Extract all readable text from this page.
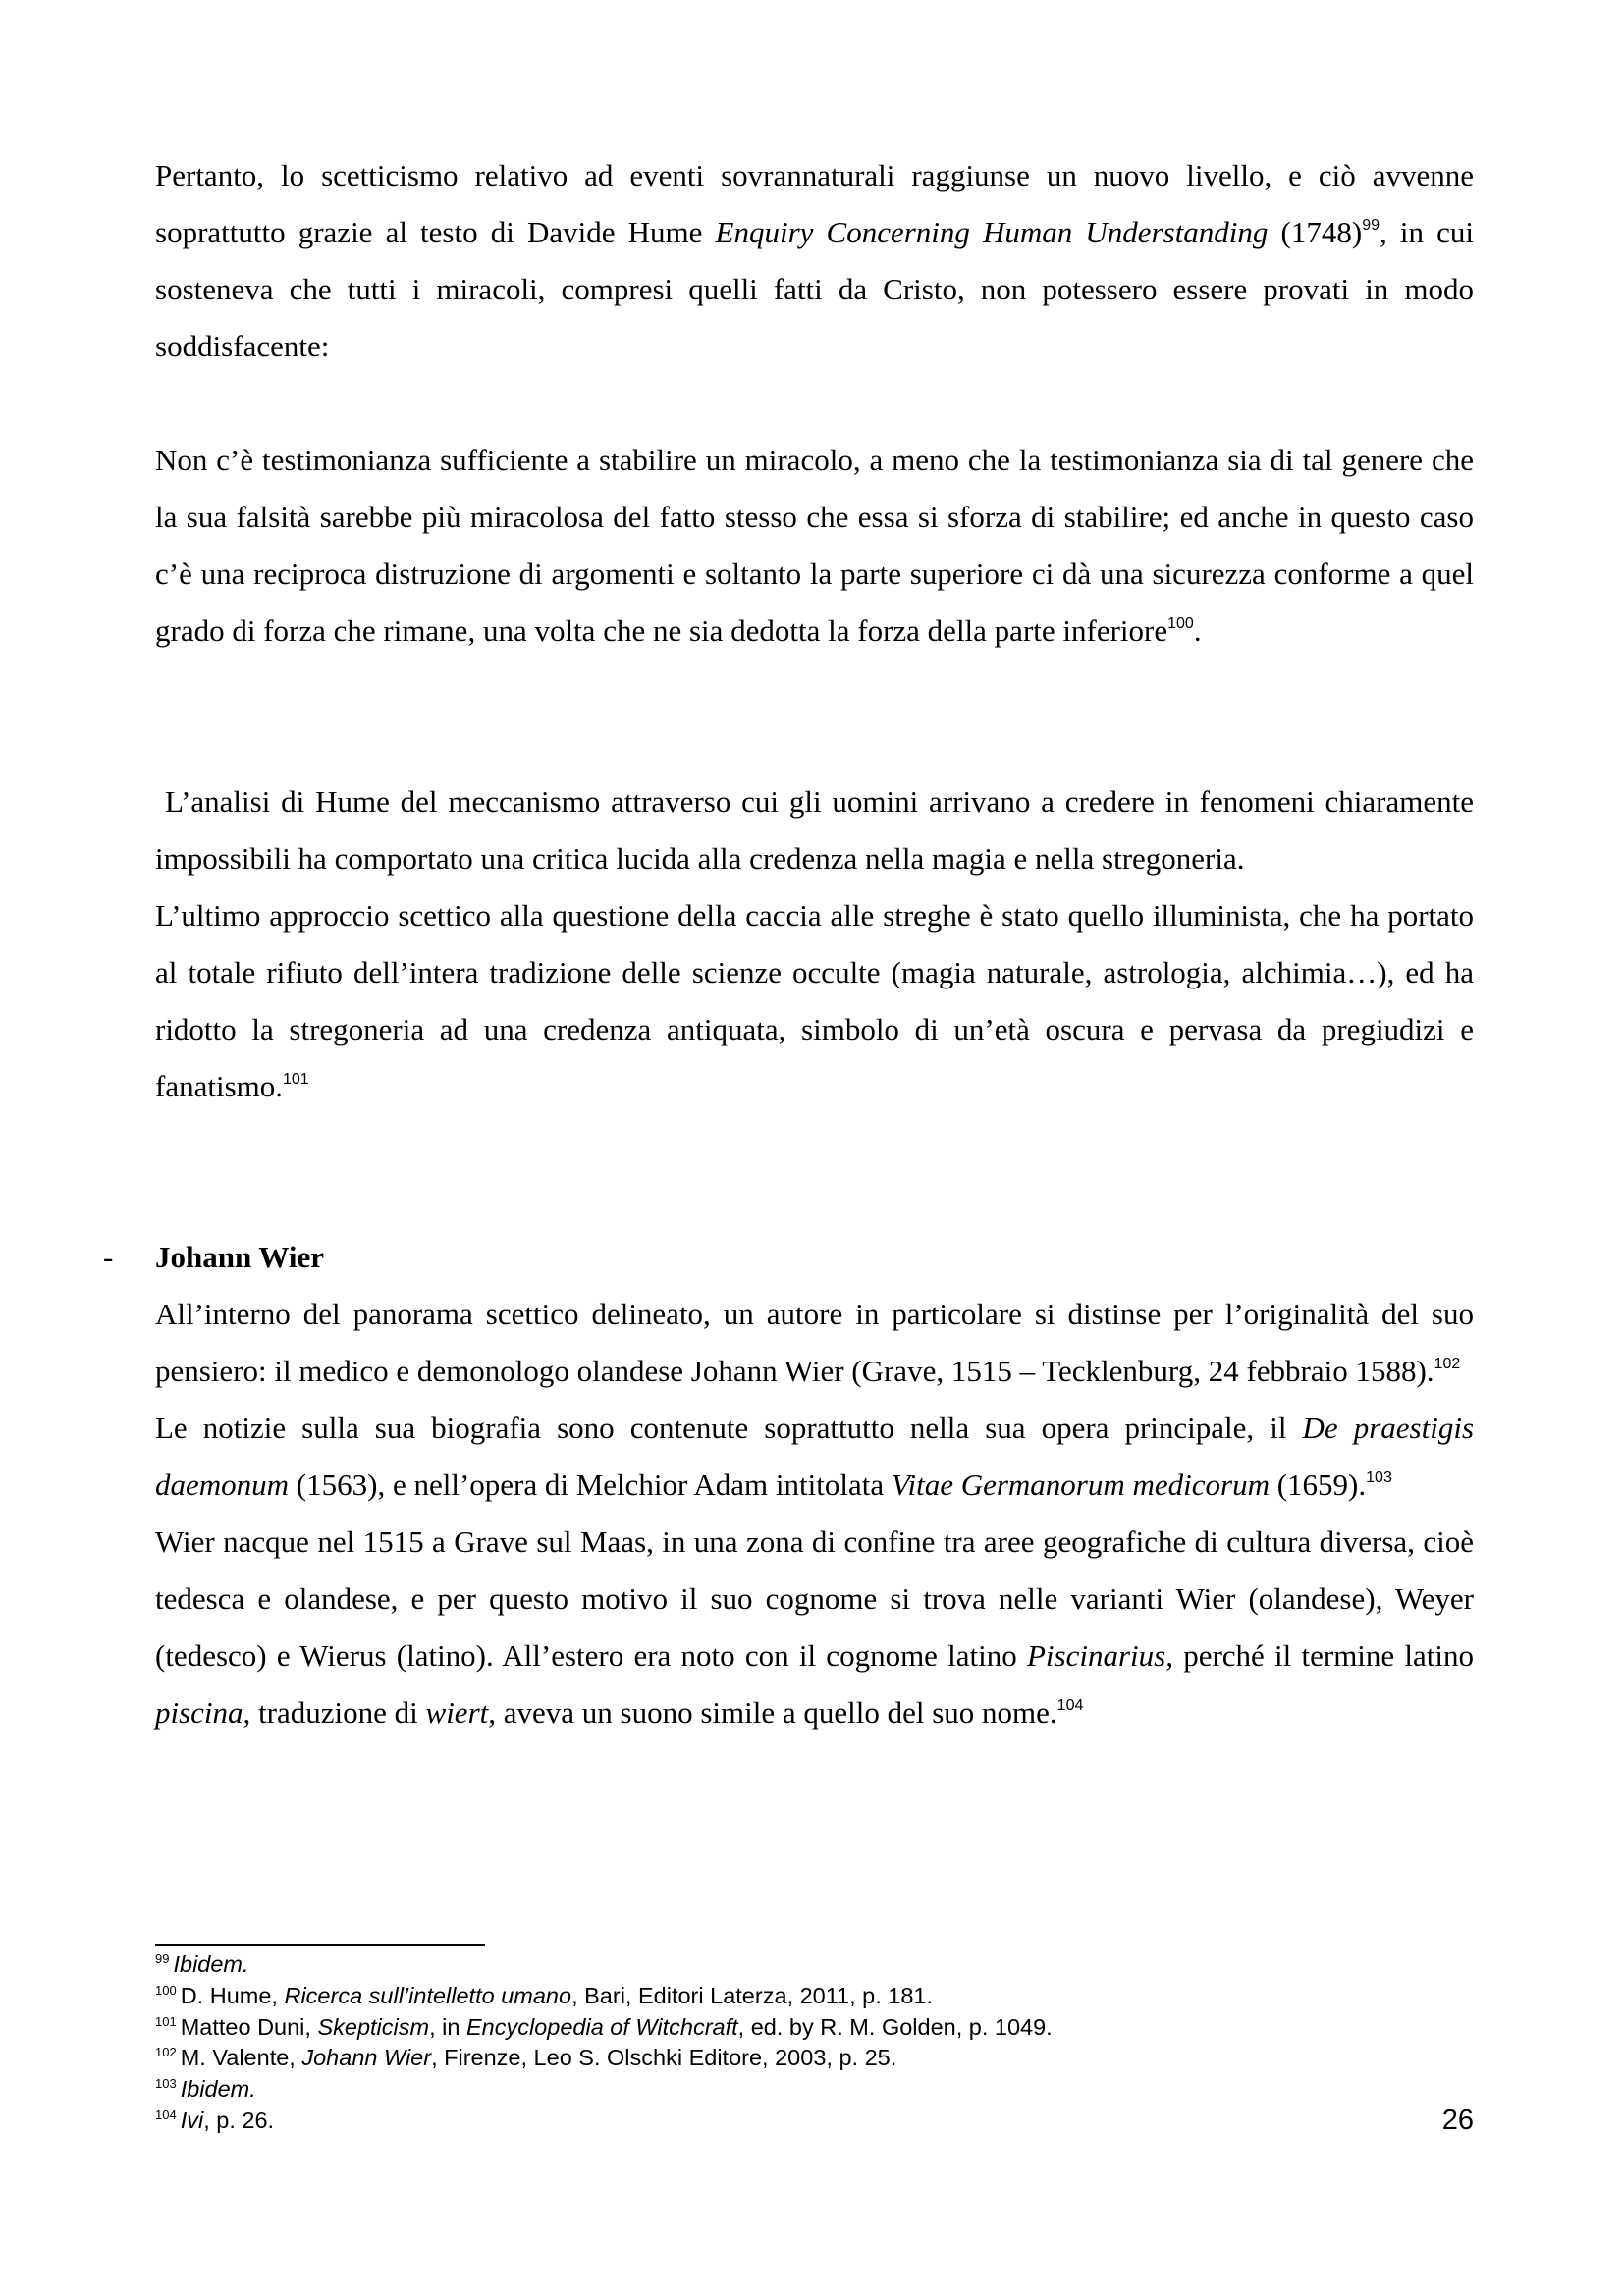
Pertanto, lo scetticismo relativo ad eventi sovrannaturali raggiunse un nuovo livello, e ciò avvenne soprattutto grazie al testo di Davide Hume Enquiry Concerning Human Understanding $(1748)^{99}$, in cui sosteneva che tutti i miracoli, compresi quelli fatti da Cristo, non potessero essere provati in modo soddisfacente:

Non c’è testimonianza sufficiente a stabilire un miracolo, a meno che la testimonianza sia di tal genere che la sua falsità sarebbe più miracolosa del fatto stesso che essa si sforza di stabilire; ed anche in questo caso c’è una reciproca distruzione di argomenti e soltanto la parte superiore ci dà una sicurezza conforme a quel grado di forza che rimane, una volta che ne sia dedotta la forza della parte inferiore$^{100}$.

L’analisi di Hume del meccanismo attraverso cui gli uomini arrivano a credere in fenomeni chiaramente impossibili ha comportato una critica lucida alla credenza nella magia e nella stregoneria.

L’ultimo approccio scettico alla questione della caccia alle streghe è stato quello illuminista, che ha portato al totale rifiuto dell’intera tradizione delle scienze occulte (magia naturale, astrologia, alchimia…), ed ha ridotto la stregoneria ad una credenza antiquata, simbolo di un’età oscura e pervasa da pregiudizi e fanatismo.$^{101}$

- Johann Wier

All’interno del panorama scettico delineato, un autore in particolare si distinse per l’originalità del suo pensiero: il medico e demonologo olandese Johann Wier (Grave, 1515 – Tecklenburg, 24 febbraio 1588).$^{102}$

Le notizie sulla sua biografia sono contenute soprattutto nella sua opera principale, il De praestigis daemonum (1563), e nell’opera di Melchior Adam intitolata Vitae Germanorum medicorum (1659).$^{103}$

Wier nacque nel 1515 a Grave sul Maas, in una zona di confine tra aree geografiche di cultura diversa, cioè tedesca e olandese, e per questo motivo il suo cognome si trova nelle varianti Wier (olandese), Weyer (tedesco) e Wierus (latino). All’estero era noto con il cognome latino Piscinarius, perché il termine latino piscina, traduzione di wiert, aveva un suono simile a quello del suo nome.$^{104}$

$^{99}$ Ibidem.
$^{100}$ D. Hume, Ricerca sull’intelletto umano, Bari, Editori Laterza, 2011, p. 181.
$^{101}$ Matteo Duni, Skepticism, in Encyclopedia of Witchcraft, ed. by R. M. Golden, p. 1049.
$^{102}$ M. Valente, Johann Wier, Firenze, Leo S. Olschki Editore, 2003, p. 25.
$^{103}$ Ibidem.
$^{104}$ Ivi, p. 26.	26
